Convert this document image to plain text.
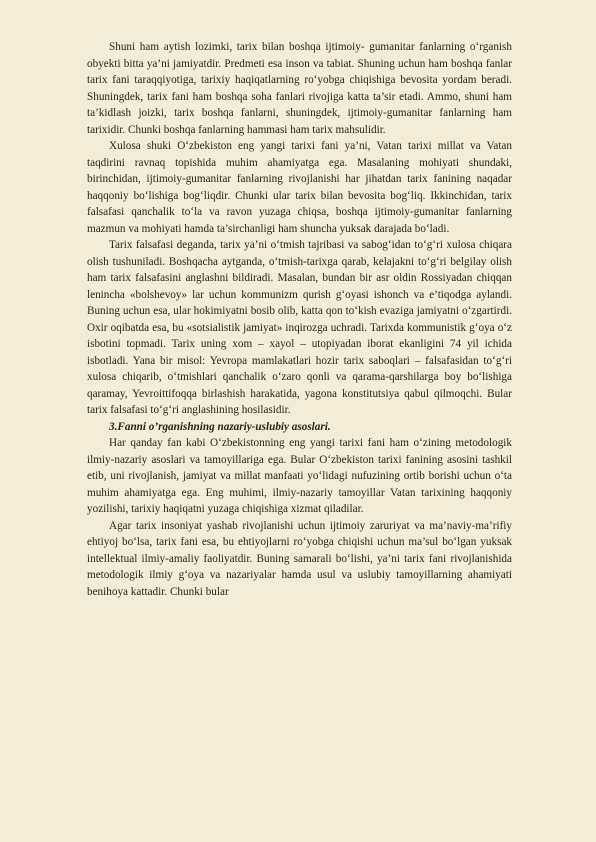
Shuni ham aytish lozimki, tarix bilan boshqa ijtimoiy- gumanitar fanlarning o‘rganish obyekti bitta ya’ni jamiyatdir. Predmeti esa inson va tabiat. Shuning uchun ham boshqa fanlar tarix fani taraqqiyotiga, tarixiy haqiqatlarning ro‘yobga chiqishiga bevosita yordam beradi. Shuningdek, tarix fani ham boshqa soha fanlari rivojiga katta ta’sir etadi. Ammo, shuni ham ta’kidlash joizki, tarix boshqa fanlarni, shuningdek, ijtimoiy-gumanitar fanlarning ham tarixidir. Chunki boshqa fanlarning hammasi ham tarix mahsulidir.

Xulosa shuki O‘zbekiston eng yangi tarixi fani ya’ni, Vatan tarixi millat va Vatan taqdirini ravnaq topishida muhim ahamiyatga ega. Masalaning mohiyati shundaki, birinchidan, ijtimoiy-gumanitar fanlarning rivojlanishi har jihatdan tarix fanining naqadar haqqoniy bo‘lishiga bog‘liqdir. Chunki ular tarix bilan bevosita bog‘liq. Ikkinchidan, tarix falsafasi qanchalik to‘la va ravon yuzaga chiqsa, boshqa ijtimoiy-gumanitar fanlarning mazmun va mohiyati hamda ta’sirchanligi ham shuncha yuksak darajada bo‘ladi.

Tarix falsafasi deganda, tarix ya’ni o‘tmish tajribasi va sabog‘idan to‘g‘ri xulosa chiqara olish tushuniladi. Boshqacha aytganda, o‘tmish-tarixga qarab, kelajakni to‘g‘ri belgilay olish ham tarix falsafasini anglashni bildiradi. Masalan, bundan bir asr oldin Rossiyadan chiqqan leninchа «bolshevoy» lar uchun kommunizm qurish g‘oyasi ishonch va e’tiqodga aylandi. Buning uchun esa, ular hokimiyatni bosib olib, katta qon to‘kish evaziga jamiyatni o‘zgartirdi. Oxir oqibatda esa, bu «sotsialistik jamiyat» inqirozga uchradi. Tarixda kommunistik g‘oya o‘z isbotini topmadi. Tarix uning xom – xayol – utopiyadan iborat ekanligini 74 yil ichida isbotladi. Yana bir misol: Yevropa mamlakatlari hozir tarix saboqlari – falsafasidan to‘g‘ri xulosa chiqarib, o‘tmishlari qanchalik o‘zaro qonli va qarama-qarshilarga boy bo‘lishiga qaramay, Yevroittifoqqa birlashish harakatida, yagona konstitutsiya qabul qilmoqchi. Bular tarix falsafasi to‘g‘ri anglashining hosilasidir.

3.Fanni o’rganishning nazariy-uslubiy asoslari.

Har qanday fan kabi O‘zbekistonning eng yangi tarixi fani ham o‘zining metodologik ilmiy-nazariy asoslari va tamoyillariga ega. Bular O‘zbekiston tarixi fanining asosini tashkil etib, uni rivojlanish, jamiyat va millat manfaati yo‘lidagi nufuzining ortib borishi uchun o‘ta muhim ahamiyatga ega. Eng muhimi, ilmiy-nazariy tamoyillar Vatan tarixining haqqoniy yozilishi, tarixiy haqiqatni yuzaga chiqishiga xizmat qiladilar.

Agar tarix insoniyat yashab rivojlanishi uchun ijtimoiy zaruriyat va ma’naviy-ma’rifiy ehtiyoj bo‘lsa, tarix fani esa, bu ehtiyojlarni ro‘yobga chiqishi uchun ma’sul bo‘lgan yuksak intellektual ilmiy-amaliy faoliyatdir. Buning samarali bo‘lishi, ya’ni tarix fani rivojlanishida metodologik ilmiy g‘oya va nazariyalar hamda usul va uslubiy tamoyillarning ahamiyati benihoya kattadir. Chunki bular
